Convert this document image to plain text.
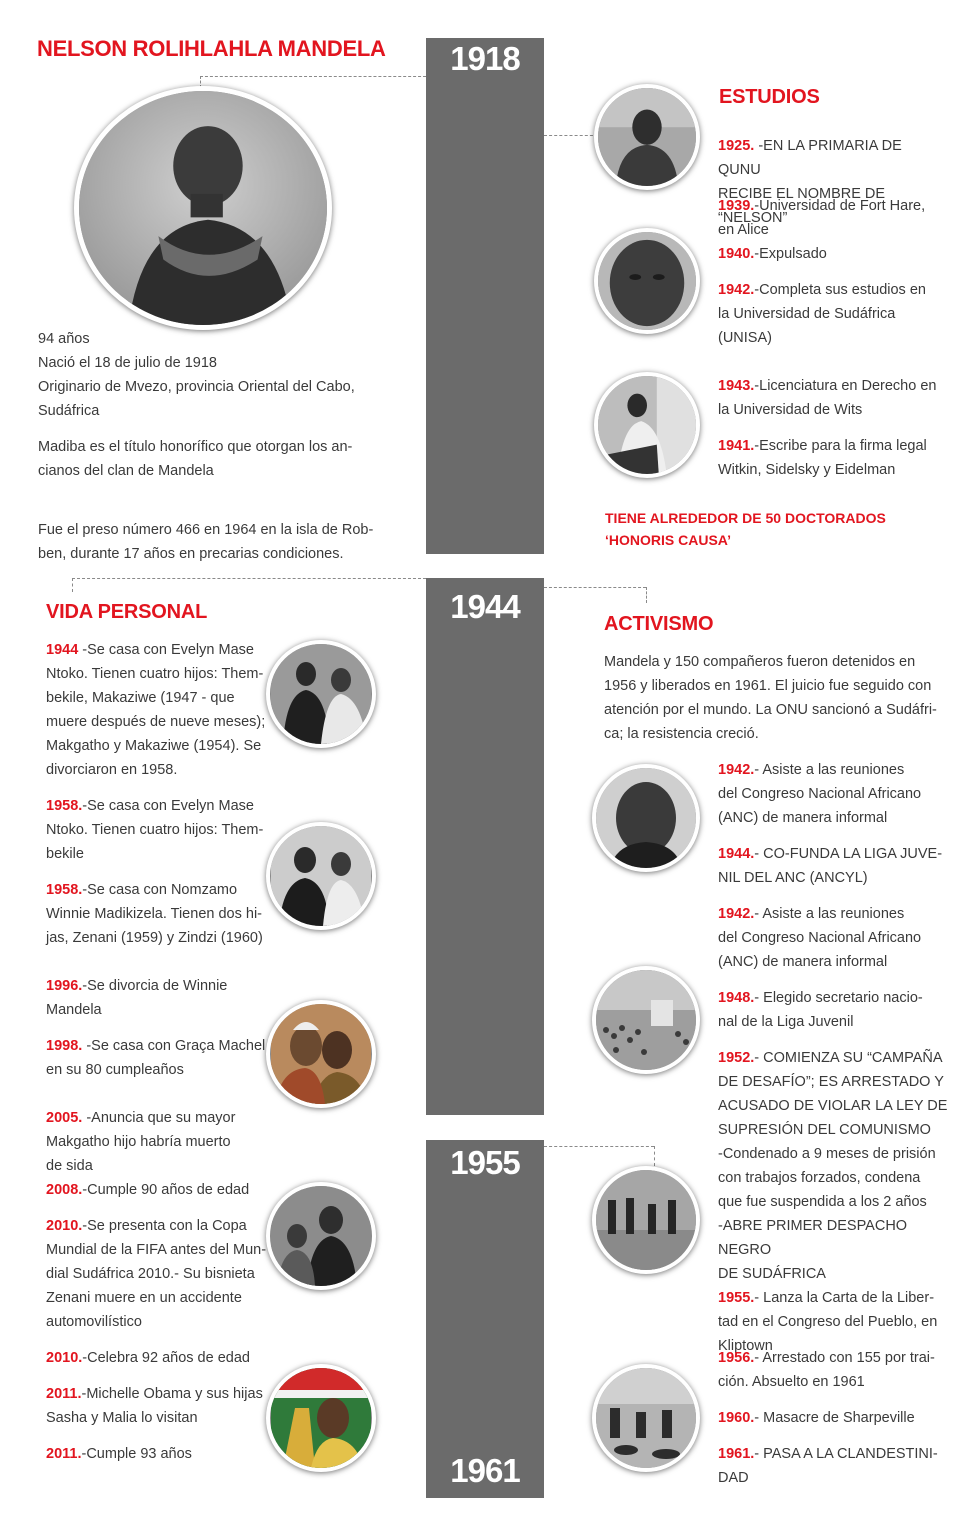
1918
1944
1955
1961
NELSON ROLIHLAHLA MANDELA

94 años

Nació el 18 de julio de 1918

Originario de Mvezo, provincia Oriental del Cabo,

Sudáfrica

Madiba es el título honorífico que otorgan los an-

cianos del clan de Mandela

Fue el preso número 466 en 1964 en la isla de Rob-

ben, durante 17 años en precarias condiciones.

ESTUDIOS

1925. -EN LA PRIMARIA DE QUNU

RECIBE EL NOMBRE DE “NELSON”

1939.-Universidad de Fort Hare,

en Alice

1940.-Expulsado

1942.-Completa sus estudios en

la Universidad de Sudáfrica

(UNISA)

1943.-Licenciatura en Derecho en

la Universidad de Wits

1941.-Escribe para la firma legal

Witkin, Sidelsky y Eidelman

TIENE ALREDEDOR DE 50 DOCTORADOS

‘HONORIS CAUSA’

VIDA PERSONAL

1944 -Se casa con Evelyn Mase

Ntoko. Tienen cuatro hijos: Them-

bekile, Makaziwe (1947 - que

muere después de nueve meses);

Makgatho y Makaziwe (1954). Se

divorciaron en 1958.

1958.-Se casa con Evelyn Mase

Ntoko. Tienen cuatro hijos: Them-

bekile

1958.-Se casa con Nomzamo

Winnie Madikizela. Tienen dos hi-

jas, Zenani (1959) y Zindzi (1960)

1996.-Se divorcia de Winnie

Mandela

1998. -Se casa con Graça Machel

en su 80 cumpleaños

2005. -Anuncia que su mayor

Makgatho hijo habría muerto

de sida

2008.-Cumple 90 años de edad

2010.-Se presenta con la Copa

Mundial de la FIFA antes del Mun-

dial Sudáfrica 2010.- Su bisnieta

Zenani muere en un accidente

automovilístico

2010.-Celebra 92 años de edad

2011.-Michelle Obama y sus hijas

Sasha y Malia lo visitan

2011.-Cumple 93 años

ACTIVISMO

Mandela y 150 compañeros fueron detenidos en

1956 y liberados en 1961. El juicio fue seguido con

atención por el mundo. La ONU sancionó a Sudáfri-

ca; la resistencia creció.

1942.- Asiste a las reuniones

del Congreso Nacional Africano

(ANC) de manera informal

1944.- CO-FUNDA LA LIGA JUVE-

NIL DEL ANC (ANCYL)

1942.- Asiste a las reuniones

del Congreso Nacional Africano

(ANC) de manera informal

1948.- Elegido secretario nacio-

nal de la Liga Juvenil

1952.- COMIENZA SU “CAMPAÑA

DE DESAFÍO”; ES ARRESTADO Y

ACUSADO DE VIOLAR LA LEY DE

SUPRESIÓN DEL COMUNISMO

-Condenado a 9 meses de prisión

con trabajos forzados, condena

que fue suspendida a los 2 años

-ABRE PRIMER DESPACHO NEGRO

DE SUDÁFRICA

1955.- Lanza la Carta de la Liber-

tad en el Congreso del Pueblo, en

Kliptown

1956.- Arrestado con 155 por trai-

ción. Absuelto en 1961

1960.- Masacre de Sharpeville

1961.- PASA A LA CLANDESTINI-

DAD
